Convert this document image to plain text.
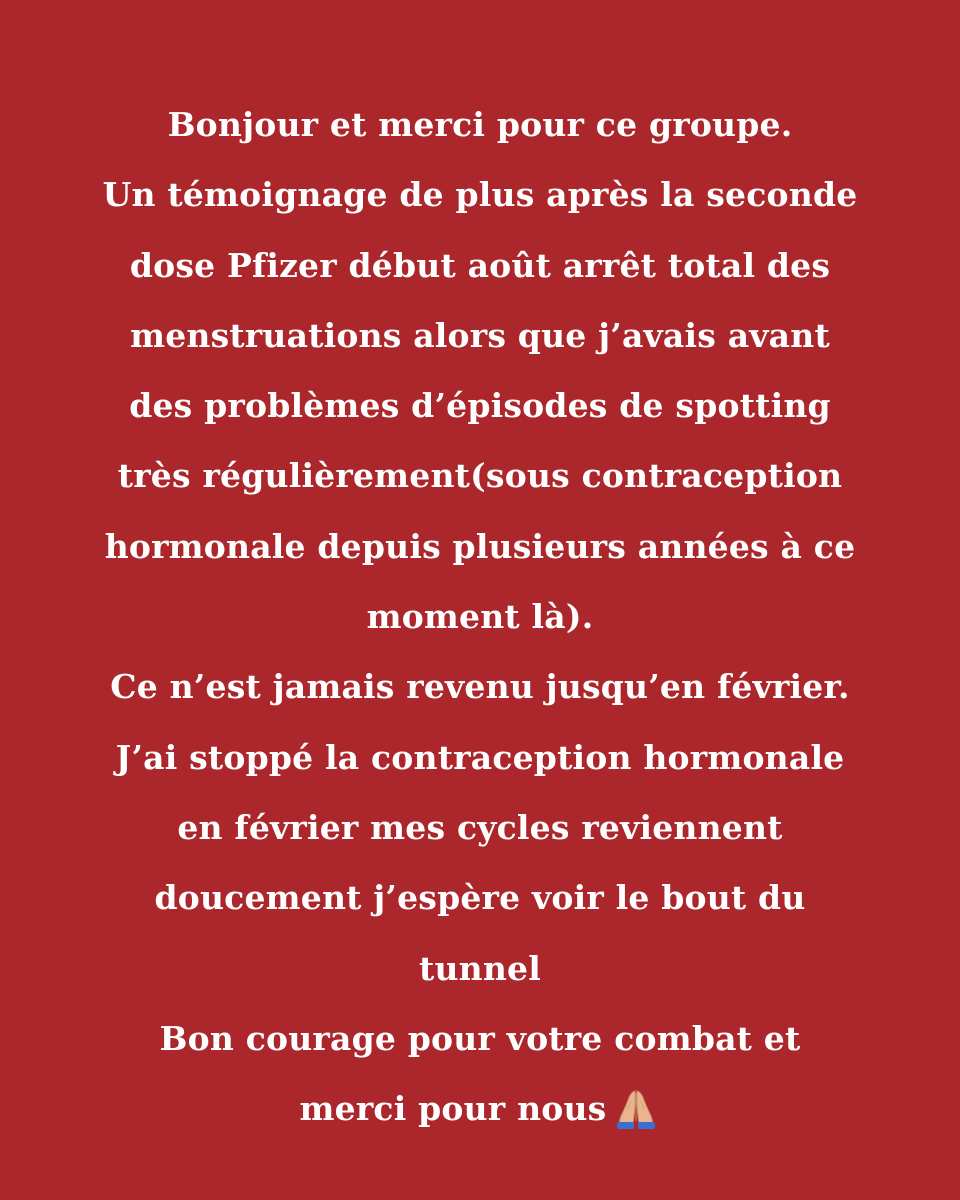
Bonjour et merci pour ce groupe.
Un témoignage de plus après la seconde
dose Pfizer début août arrêt total des
menstruations alors que j’avais avant
des problèmes d’épisodes de spotting
très régulièrement(sous contraception
hormonale depuis plusieurs années à ce
moment là).
Ce n’est jamais revenu jusqu’en février.
J’ai stoppé la contraception hormonale
en février mes cycles reviennent
doucement j’espère voir le bout du
tunnel
Bon courage pour votre combat et
merci pour nous
